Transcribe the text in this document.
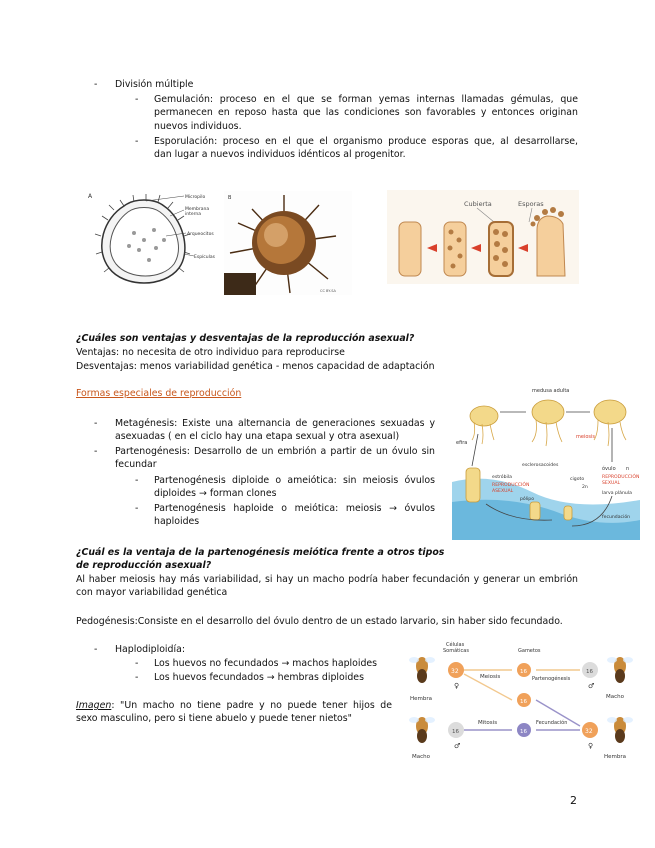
- División múltiple
- Gemulación: proceso en el que se forman yemas internas llamadas gémulas, que
permanecen en reposo hasta que las condiciones son favorables y entonces originan
nuevos individuos.
- Esporulación: proceso en el que el organismo produce esporas que, al desarrollarse,
dan lugar a nuevos individuos idénticos al progenitor.
A	Micropilo
Membrana
interna
Arqueocitos
Espículas
B
CC BY-SA
Cubierta	Esporas
¿Cuáles son ventajas y desventajas de la reproducción asexual?
Ventajas: no necesita de otro individuo para reproducirse
Desventajas: menos variabilidad genética - menos capacidad de adaptación
Formas especiales de reproducción
- Metagénesis: Existe una alternancia de generaciones sexuadas y
asexuadas ( en el ciclo hay una etapa sexual y otra asexual)
- Partenogénesis: Desarrollo de un embrión a partir de un óvulo sin
fecundar
- Partenogénesis diploide o ameiótica: sin meiosis óvulos
diploides → forman clones
- Partenogénesis haploide o meiótica: meiosis → óvulos
haploides
medusa adulta
efira
esclerosacoides
meiosis
óvulo n
REPRODUCCIÓN
SEXUAL
estróbila
REPRODUCCIÓN
ASEXUAL
cigoto
2n
pólipo
larva plánula
fecundación
¿Cuál es la ventaja de la partenogénesis meiótica frente a otros tipos
de reproducción asexual?
Al haber meiosis hay más variabilidad, si hay un macho podría haber fecundación y generar un embrión
con mayor variabilidad genética
Pedogénesis:Consiste en el desarrollo del óvulo dentro de un estado larvario, sin haber sido fecundado.
- Haplodiploidía:
- Los huevos no fecundados → machos haploides
- Los huevos fecundados → hembras diploides
Imagen: "Un macho no tiene padre y no puede tener hijos de
sexo masculino, pero si tiene abuelo y puede tener nietos"
Células
Somáticas	Gametos
Meiosis	Partenogénesis
Mitosis	Fecundación
32	16	16
16
16	16	32
♀	♂
♂	♀
Hembra	Macho
Macho	Hembra
2
